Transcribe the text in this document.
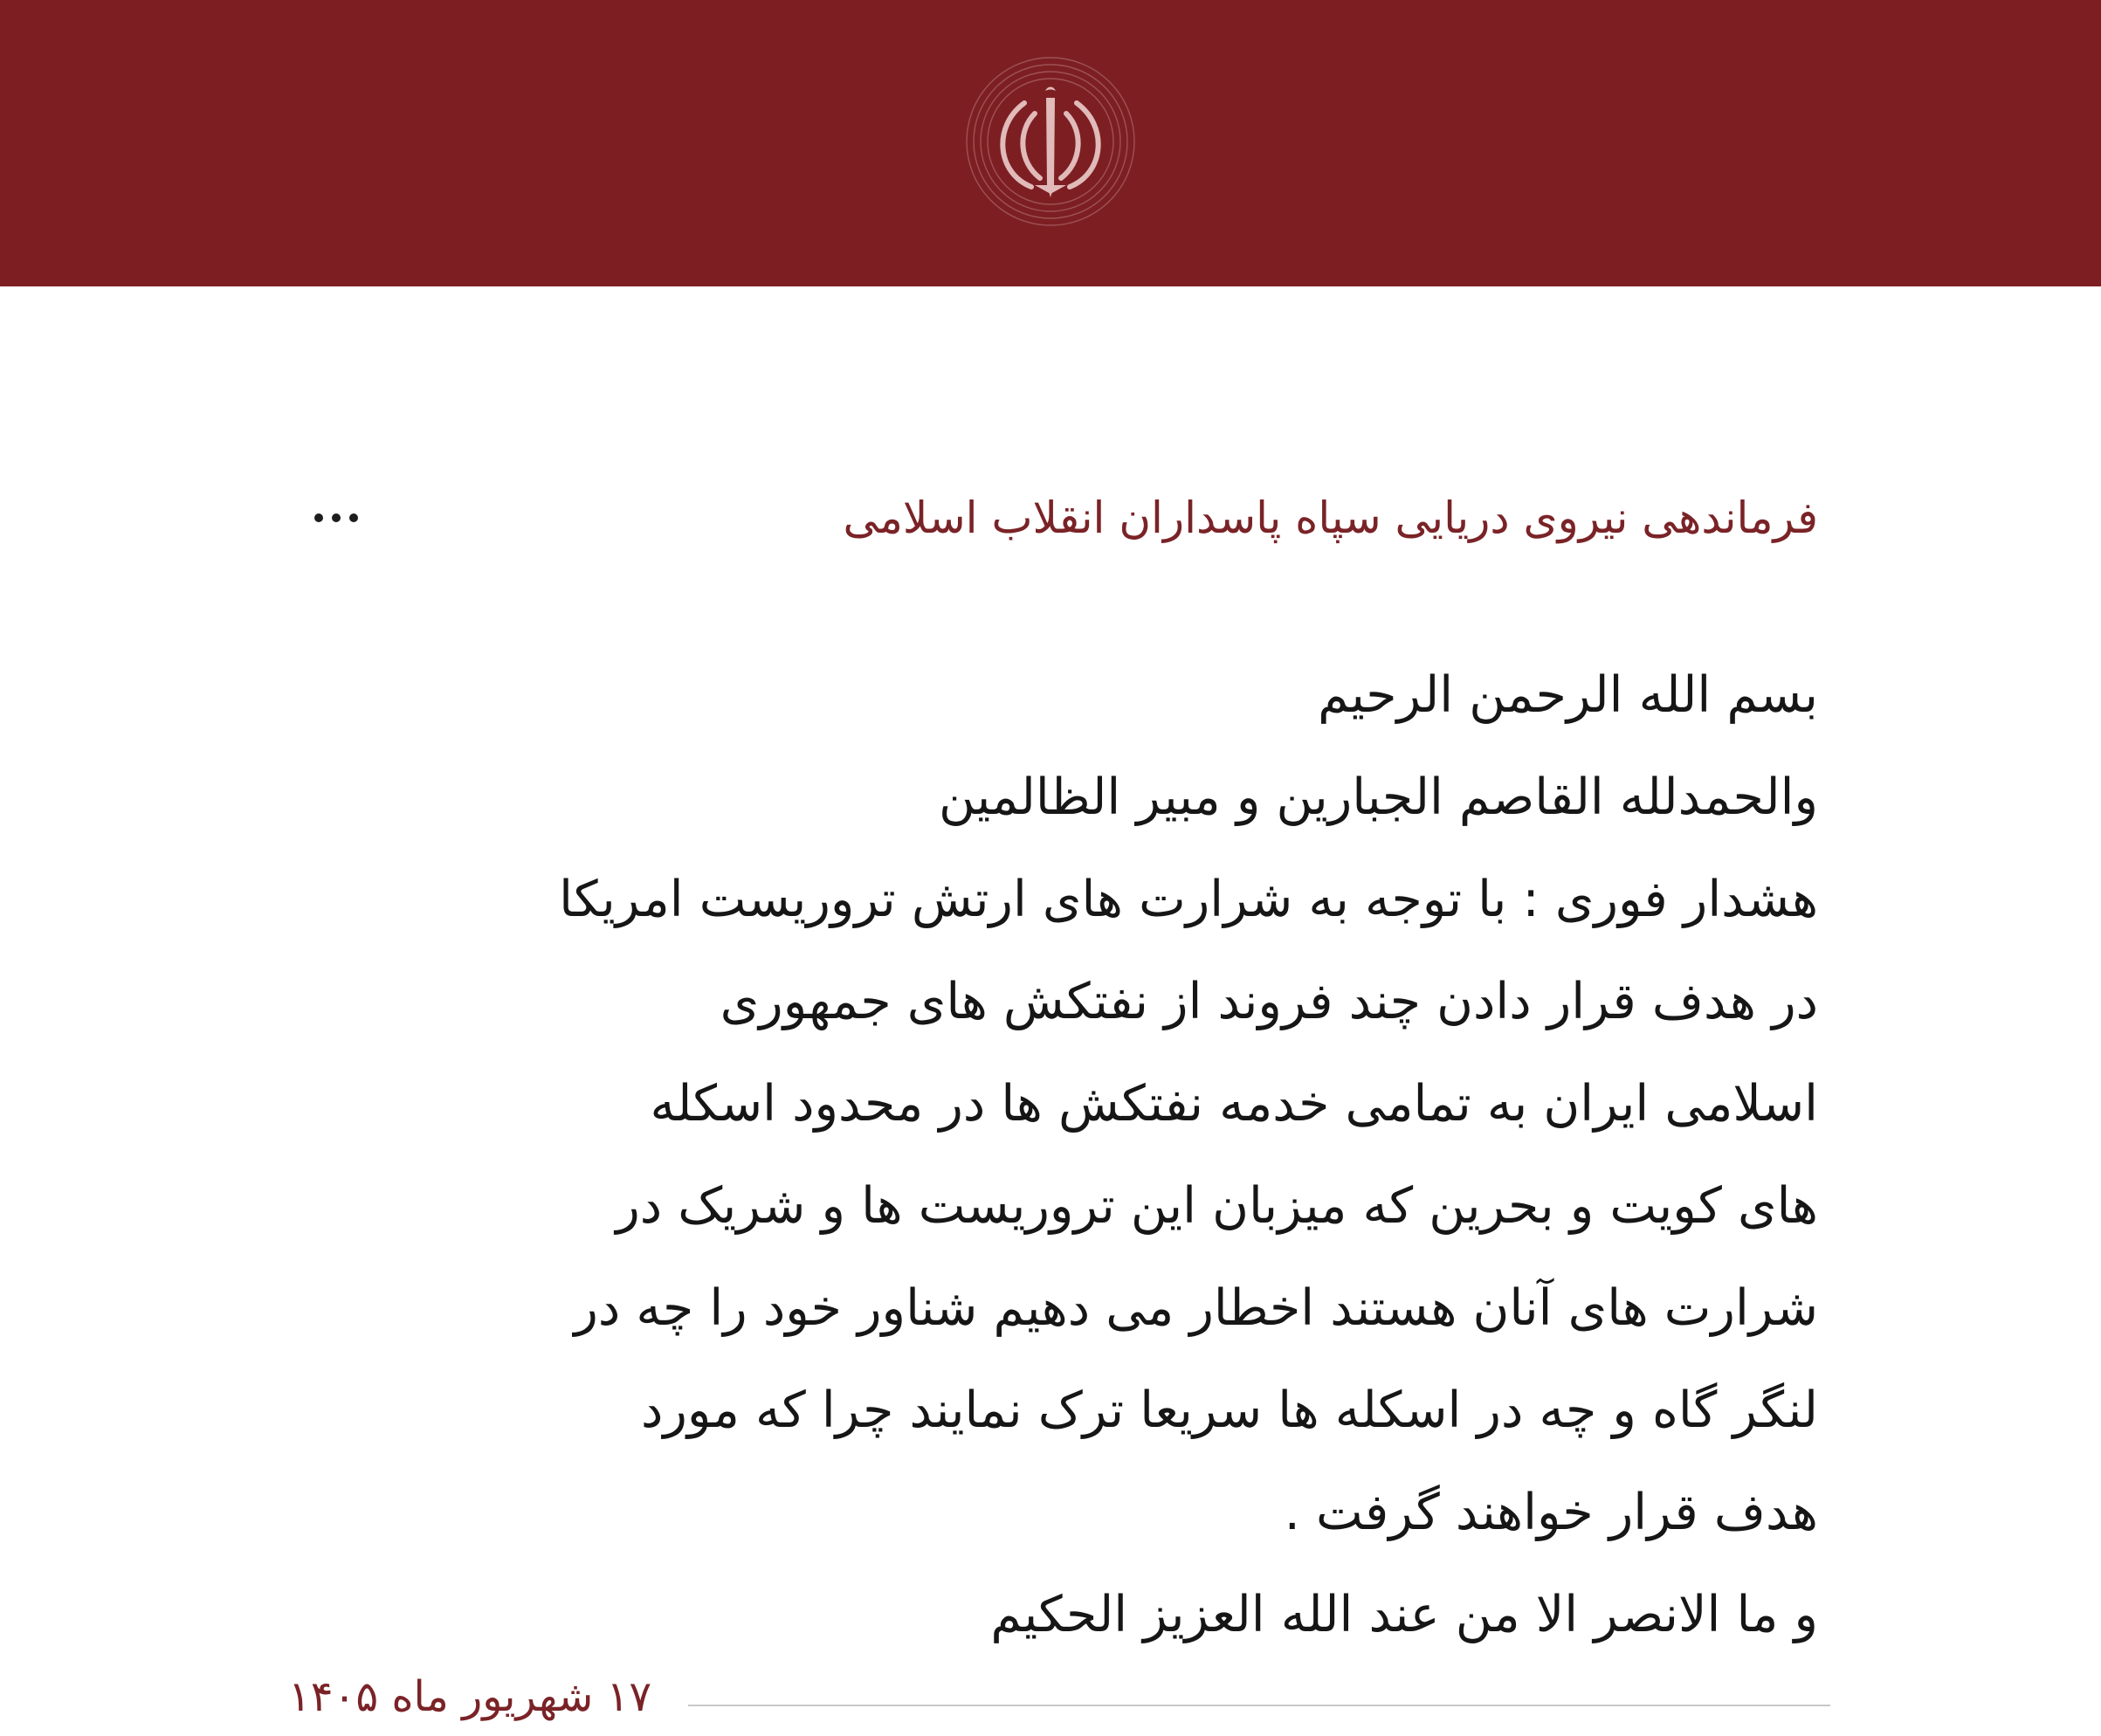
فرماندهی نیروی دریایی سپاه پاسداران انقلاب اسلامی
بسم الله الرحمن الرحیم
والحمدلله القاصم الجبارین و مبیر الظالمین
هشدار فوری : با توجه به شرارت های ارتش تروریست امریکا
در هدف قرار دادن چند فروند از نفتکش های جمهوری
اسلامی ایران به تمامی خدمه نفتکش ها در محدود اسکله
های کویت و بحرین که میزبان این تروریست ها و شریک در
شرارت های آنان هستند اخطار می دهیم شناور خود را چه در
لنگر گاه و چه در اسکله ها سریعا ترک نمایند چرا که مورد
هدف قرار خواهند گرفت .
و ما الانصر الا من عند الله العزیز الحکیم
۱۷ شهریور ماه ۱۴۰۵
